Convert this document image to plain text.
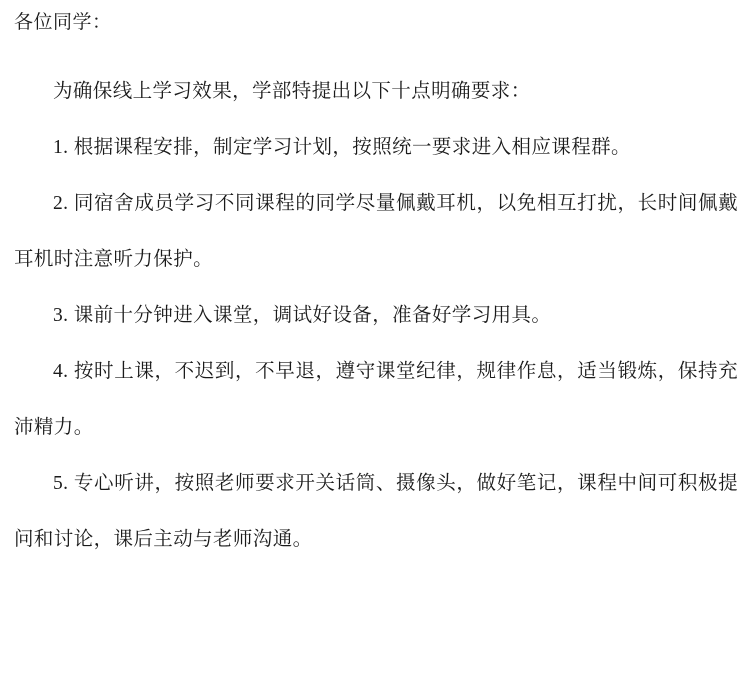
各位同学：

为确保线上学习效果，学部特提出以下十点明确要求：

1. 根据课程安排，制定学习计划，按照统一要求进入相应课程群。

2. 同宿舍成员学习不同课程的同学尽量佩戴耳机，以免相互打扰，长时间佩戴耳机时注意听力保护。

3. 课前十分钟进入课堂，调试好设备，准备好学习用具。

4. 按时上课，不迟到，不早退，遵守课堂纪律，规律作息，适当锻炼，保持充沛精力。

5. 专心听讲，按照老师要求开关话筒、摄像头，做好笔记，课程中间可积极提问和讨论，课后主动与老师沟通。
